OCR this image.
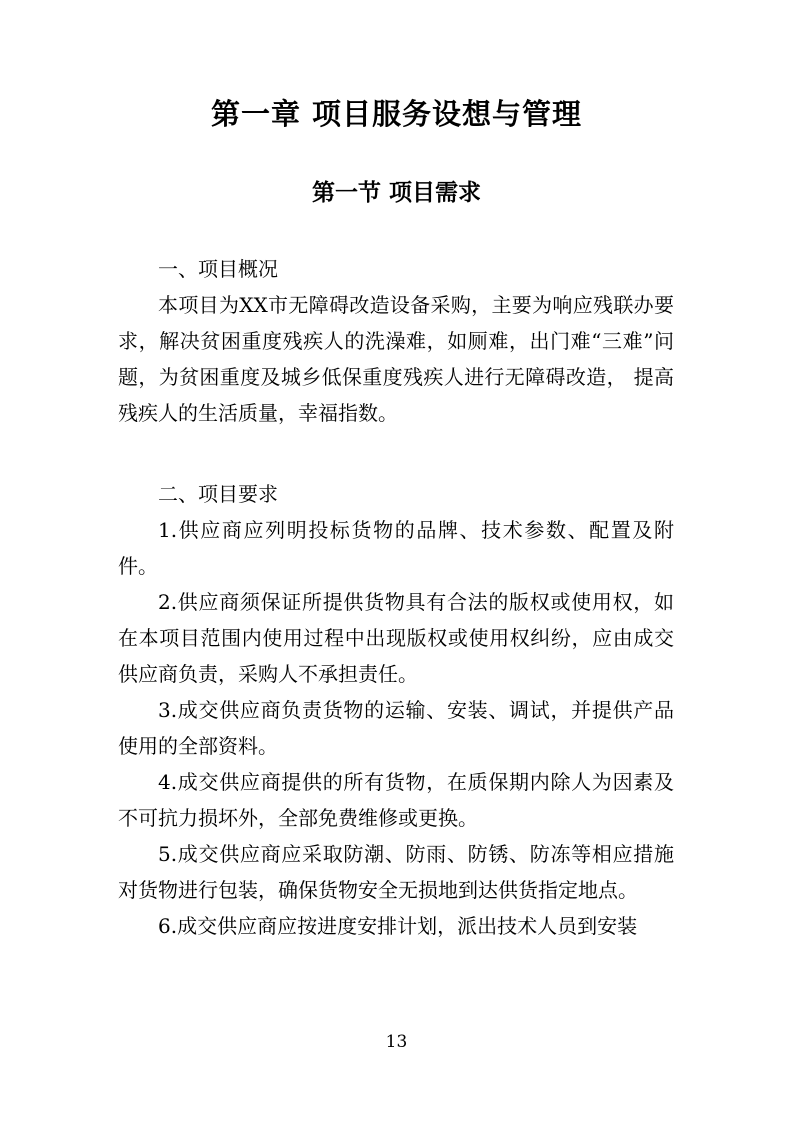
第一章 项目服务设想与管理
第一节 项目需求

一、项目概况

本项目为XX市无障碍改造设备采购，主要为响应残联办要求，解决贫困重度残疾人的洗澡难，如厕难，出门难“三难”问题，为贫困重度及城乡低保重度残疾人进行无障碍改造， 提高残疾人的生活质量，幸福指数。

二、项目要求

1.供应商应列明投标货物的品牌、技术参数、配置及附件。

2.供应商须保证所提供货物具有合法的版权或使用权，如在本项目范围内使用过程中出现版权或使用权纠纷，应由成交供应商负责，采购人不承担责任。

3.成交供应商负责货物的运输、安装、调试，并提供产品使用的全部资料。

4.成交供应商提供的所有货物，在质保期内除人为因素及不可抗力损坏外，全部免费维修或更换。

5.成交供应商应采取防潮、防雨、防锈、防冻等相应措施对货物进行包装，确保货物安全无损地到达供货指定地点。

6.成交供应商应按进度安排计划，派出技术人员到安装

13
